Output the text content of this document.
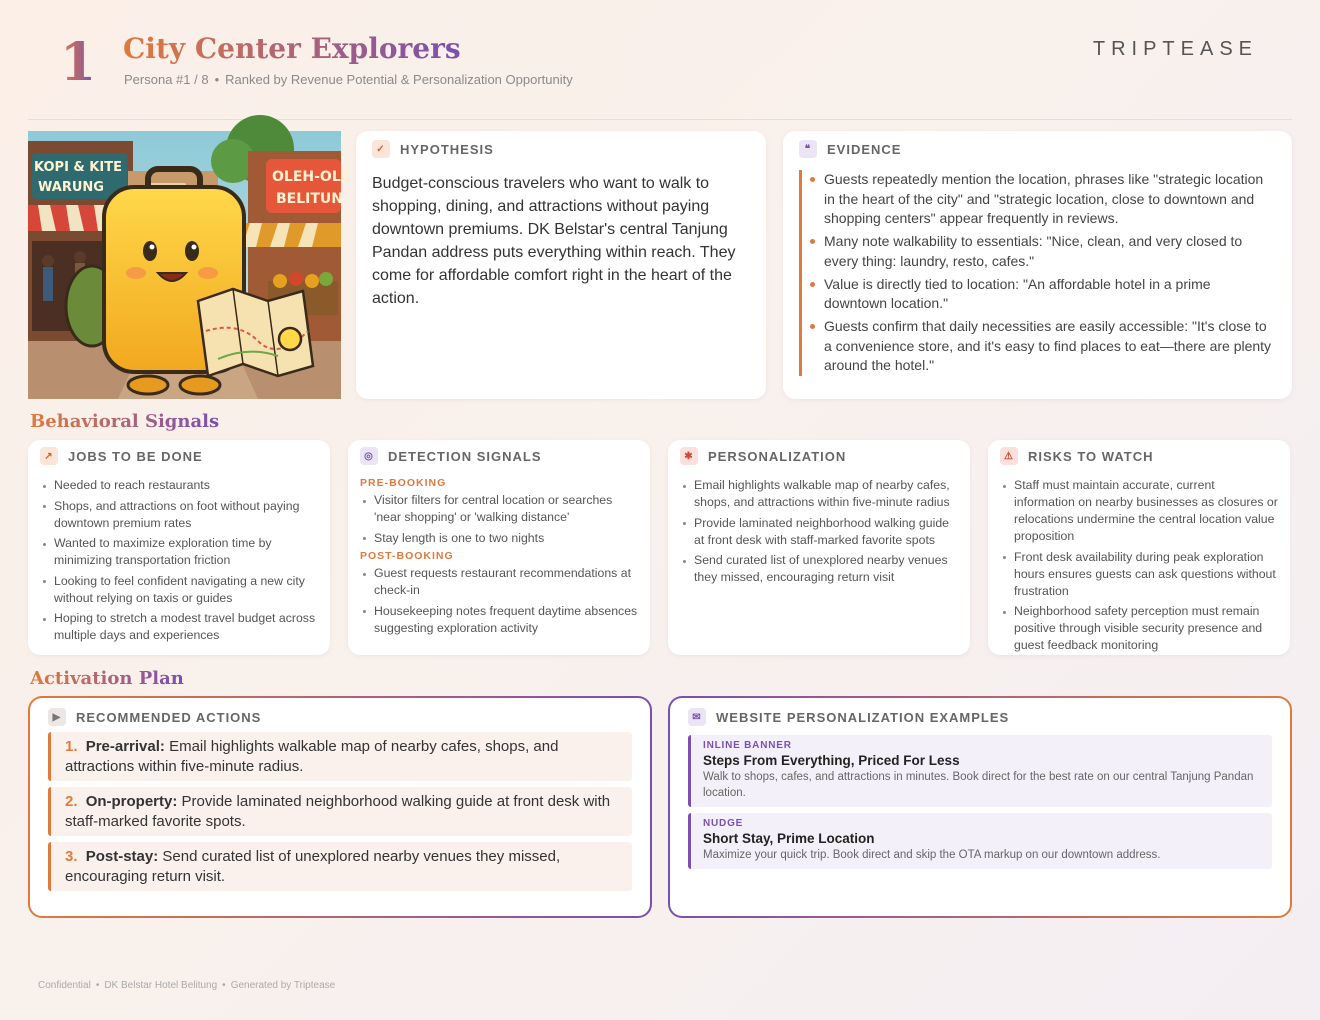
1 City Center Explorers
Persona #1 / 8 • Ranked by Revenue Potential & Personalization Opportunity
TRIPTEASE
KOPI & KITE
WARUNG
OLEH-OLE
BELITUN
✓	HYPOTHESIS
Budget-conscious travelers who want to walk to shopping, dining, and attractions without paying downtown premiums. DK Belstar's central Tanjung Pandan address puts everything within reach. They come for affordable comfort right in the heart of the action.
❝	EVIDENCE
Guests repeatedly mention the location, phrases like "strategic location in the heart of the city" and "strategic location, close to downtown and shopping centers" appear frequently in reviews.
Many note walkability to essentials: "Nice, clean, and very closed to every thing: laundry, resto, cafes."
Value is directly tied to location: "An affordable hotel in a prime downtown location."
Guests confirm that daily necessities are easily accessible: "It's close to a convenience store, and it's easy to find places to eat—there are plenty around the hotel."
Behavioral Signals
↗	JOBS TO BE DONE
Needed to reach restaurants
Shops, and attractions on foot without paying downtown premium rates
Wanted to maximize exploration time by minimizing transportation friction
Looking to feel confident navigating a new city without relying on taxis or guides
Hoping to stretch a modest travel budget across multiple days and experiences
◎	DETECTION SIGNALS
PRE-BOOKING
Visitor filters for central location or searches 'near shopping' or 'walking distance'
Stay length is one to two nights
POST-BOOKING
Guest requests restaurant recommendations at check-in
Housekeeping notes frequent daytime absences suggesting exploration activity
✱	PERSONALIZATION
Email highlights walkable map of nearby cafes, shops, and attractions within five-minute radius
Provide laminated neighborhood walking guide at front desk with staff-marked favorite spots
Send curated list of unexplored nearby venues they missed, encouraging return visit
⚠	RISKS TO WATCH
Staff must maintain accurate, current information on nearby businesses as closures or relocations undermine the central location value proposition
Front desk availability during peak exploration hours ensures guests can ask questions without frustration
Neighborhood safety perception must remain positive through visible security presence and guest feedback monitoring
Activation Plan
▶	RECOMMENDED ACTIONS
1. Pre-arrival: Email highlights walkable map of nearby cafes, shops, and attractions within five-minute radius.
2. On-property: Provide laminated neighborhood walking guide at front desk with staff-marked favorite spots.
3. Post-stay: Send curated list of unexplored nearby venues they missed, encouraging return visit.
✉	WEBSITE PERSONALIZATION EXAMPLES
INLINE BANNER
Steps From Everything, Priced For Less
Walk to shops, cafes, and attractions in minutes. Book direct for the best rate on our central Tanjung Pandan location.
NUDGE
Short Stay, Prime Location
Maximize your quick trip. Book direct and skip the OTA markup on our downtown address.
Confidential • DK Belstar Hotel Belitung • Generated by Triptease
